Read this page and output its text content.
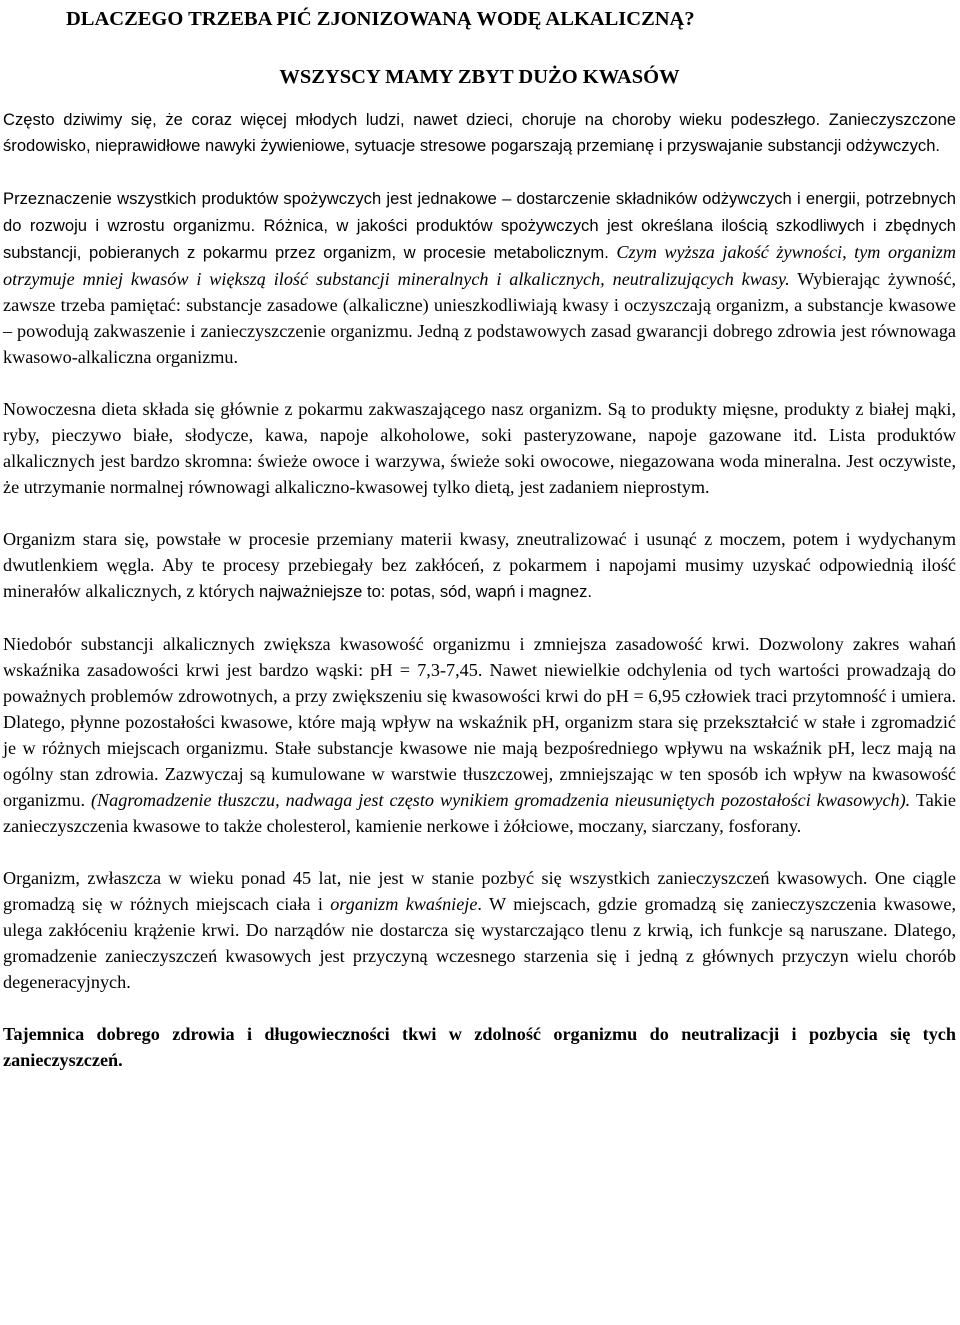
DLACZEGO TRZEBA PIĆ ZJONIZOWANĄ WODĘ ALKALICZNĄ?
WSZYSCY MAMY ZBYT DUŻO KWASÓW

Często dziwimy się, że coraz więcej młodych ludzi, nawet dzieci, choruje na choroby wieku podeszłego. Zanieczyszczone środowisko, nieprawidłowe nawyki żywieniowe, sytuacje stresowe pogarszają przemianę i przyswajanie substancji odżywczych.

Przeznaczenie wszystkich produktów spożywczych jest jednakowe – dostarczenie składników odżywczych i energii, potrzebnych do rozwoju i wzrostu organizmu. Różnica, w jakości produktów spożywczych jest określana ilością szkodliwych i zbędnych substancji, pobieranych z pokarmu przez organizm, w procesie metabolicznym. Czym wyższa jakość żywności, tym organizm otrzymuje mniej kwasów i większą ilość substancji mineralnych i alkalicznych, neutralizujących kwasy. Wybierając żywność, zawsze trzeba pamiętać: substancje zasadowe (alkaliczne) unieszkodliwiają kwasy i oczyszczają organizm, a substancje kwasowe – powodują zakwaszenie i zanieczyszczenie organizmu. Jedną z podstawowych zasad gwarancji dobrego zdrowia jest równowaga kwasowo-alkaliczna organizmu.

Nowoczesna dieta składa się głównie z pokarmu zakwaszającego nasz organizm. Są to produkty mięsne, produkty z białej mąki, ryby, pieczywo białe, słodycze, kawa, napoje alkoholowe, soki pasteryzowane, napoje gazowane itd. Lista produktów alkalicznych jest bardzo skromna: świeże owoce i warzywa, świeże soki owocowe, niegazowana woda mineralna. Jest oczywiste, że utrzymanie normalnej równowagi alkaliczno-kwasowej tylko dietą, jest zadaniem nieprostym.

Organizm stara się, powstałe w procesie przemiany materii kwasy, zneutralizować i usunąć z moczem, potem i wydychanym dwutlenkiem węgla. Aby te procesy przebiegały bez zakłóceń, z pokarmem i napojami musimy uzyskać odpowiednią ilość minerałów alkalicznych, z których najważniejsze to: potas, sód, wapń i magnez.

Niedobór substancji alkalicznych zwiększa kwasowość organizmu i zmniejsza zasadowość krwi. Dozwolony zakres wahań wskaźnika zasadowości krwi jest bardzo wąski: pH = 7,3-7,45. Nawet niewielkie odchylenia od tych wartości prowadzają do poważnych problemów zdrowotnych, a przy zwiększeniu się kwasowości krwi do pH = 6,95 człowiek traci przytomność i umiera. Dlatego, płynne pozostałości kwasowe, które mają wpływ na wskaźnik pH, organizm stara się przekształcić w stałe i zgromadzić je w różnych miejscach organizmu. Stałe substancje kwasowe nie mają bezpośredniego wpływu na wskaźnik pH, lecz mają na ogólny stan zdrowia. Zazwyczaj są kumulowane w warstwie tłuszczowej, zmniejszając w ten sposób ich wpływ na kwasowość organizmu. (Nagromadzenie tłuszczu, nadwaga jest często wynikiem gromadzenia nieusuniętych pozostałości kwasowych). Takie zanieczyszczenia kwasowe to także cholesterol, kamienie nerkowe i żółciowe, moczany, siarczany, fosforany.

Organizm, zwłaszcza w wieku ponad 45 lat, nie jest w stanie pozbyć się wszystkich zanieczyszczeń kwasowych. One ciągle gromadzą się w różnych miejscach ciała i organizm kwaśnieje. W miejscach, gdzie gromadzą się zanieczyszczenia kwasowe, ulega zakłóceniu krążenie krwi. Do narządów nie dostarcza się wystarczająco tlenu z krwią, ich funkcje są naruszane. Dlatego, gromadzenie zanieczyszczeń kwasowych jest przyczyną wczesnego starzenia się i jedną z głównych przyczyn wielu chorób degeneracyjnych.

Tajemnica dobrego zdrowia i długowieczności tkwi w zdolność organizmu do neutralizacji i pozbycia się tych zanieczyszczeń.
